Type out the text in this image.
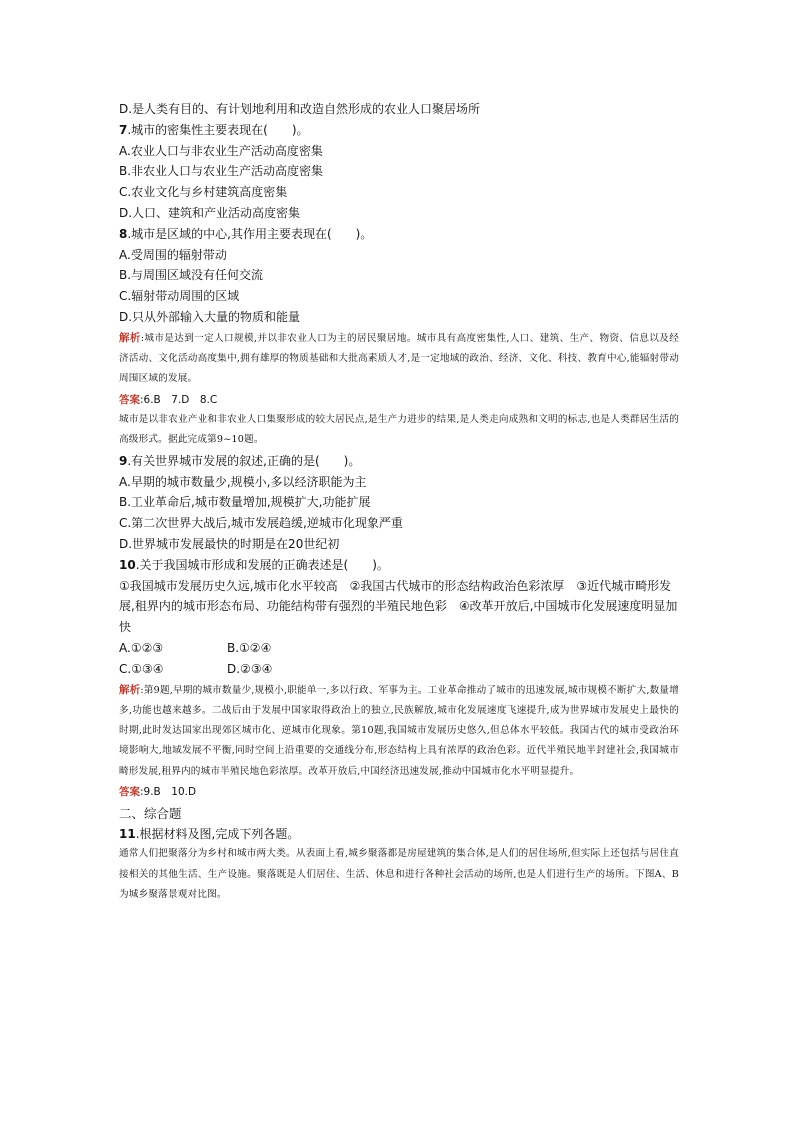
D.是人类有目的、有计划地利用和改造自然形成的农业人口聚居场所
7.城市的密集性主要表现在(　　)。
A.农业人口与非农业生产活动高度密集
B.非农业人口与农业生产活动高度密集
C.农业文化与乡村建筑高度密集
D.人口、建筑和产业活动高度密集
8.城市是区域的中心,其作用主要表现在(　　)。
A.受周围的辐射带动
B.与周围区域没有任何交流
C.辐射带动周围的区域
D.只从外部输入大量的物质和能量
解析:城市是达到一定人口规模,并以非农业人口为主的居民聚居地。城市具有高度密集性,人口、建筑、生产、物资、信息以及经济活动、文化活动高度集中,拥有雄厚的物质基础和大批高素质人才,是一定地域的政治、经济、文化、科技、教育中心,能辐射带动周围区域的发展。
答案:6.B　7.D　8.C
城市是以非农业产业和非农业人口集聚形成的较大居民点,是生产力进步的结果,是人类走向成熟和文明的标志,也是人类群居生活的高级形式。据此完成第9~10题。
9.有关世界城市发展的叙述,正确的是(　　)。
A.早期的城市数量少,规模小,多以经济职能为主
B.工业革命后,城市数量增加,规模扩大,功能扩展
C.第二次世界大战后,城市发展趋缓,逆城市化现象严重
D.世界城市发展最快的时期是在20世纪初
10.关于我国城市形成和发展的正确表述是(　　)。
①我国城市发展历史久远,城市化水平较高　②我国古代城市的形态结构政治色彩浓厚　③近代城市畸形发展,租界内的城市形态布局、功能结构带有强烈的半殖民地色彩　④改革开放后,中国城市化发展速度明显加快
A.①②③	B.①②④
C.①③④	D.②③④
解析:第9题,早期的城市数量少,规模小,职能单一,多以行政、军事为主。工业革命推动了城市的迅速发展,城市规模不断扩大,数量增多,功能也越来越多。二战后由于发展中国家取得政治上的独立,民族解放,城市化发展速度飞速提升,成为世界城市发展史上最快的时期,此时发达国家出现郊区城市化、逆城市化现象。第10题,我国城市发展历史悠久,但总体水平较低。我国古代的城市受政治环境影响大,地域发展不平衡,同时空间上沿重要的交通线分布,形态结构上具有浓厚的政治色彩。近代半殖民地半封建社会,我国城市畸形发展,租界内的城市半殖民地色彩浓厚。改革开放后,中国经济迅速发展,推动中国城市化水平明显提升。
答案:9.B　10.D
二、综合题
11.根据材料及图,完成下列各题。
通常人们把聚落分为乡村和城市两大类。从表面上看,城乡聚落都是房屋建筑的集合体,是人们的居住场所,但实际上还包括与居住直接相关的其他生活、生产设施。聚落既是人们居住、生活、休息和进行各种社会活动的场所,也是人们进行生产的场所。下图A、B为城乡聚落景观对比图。
